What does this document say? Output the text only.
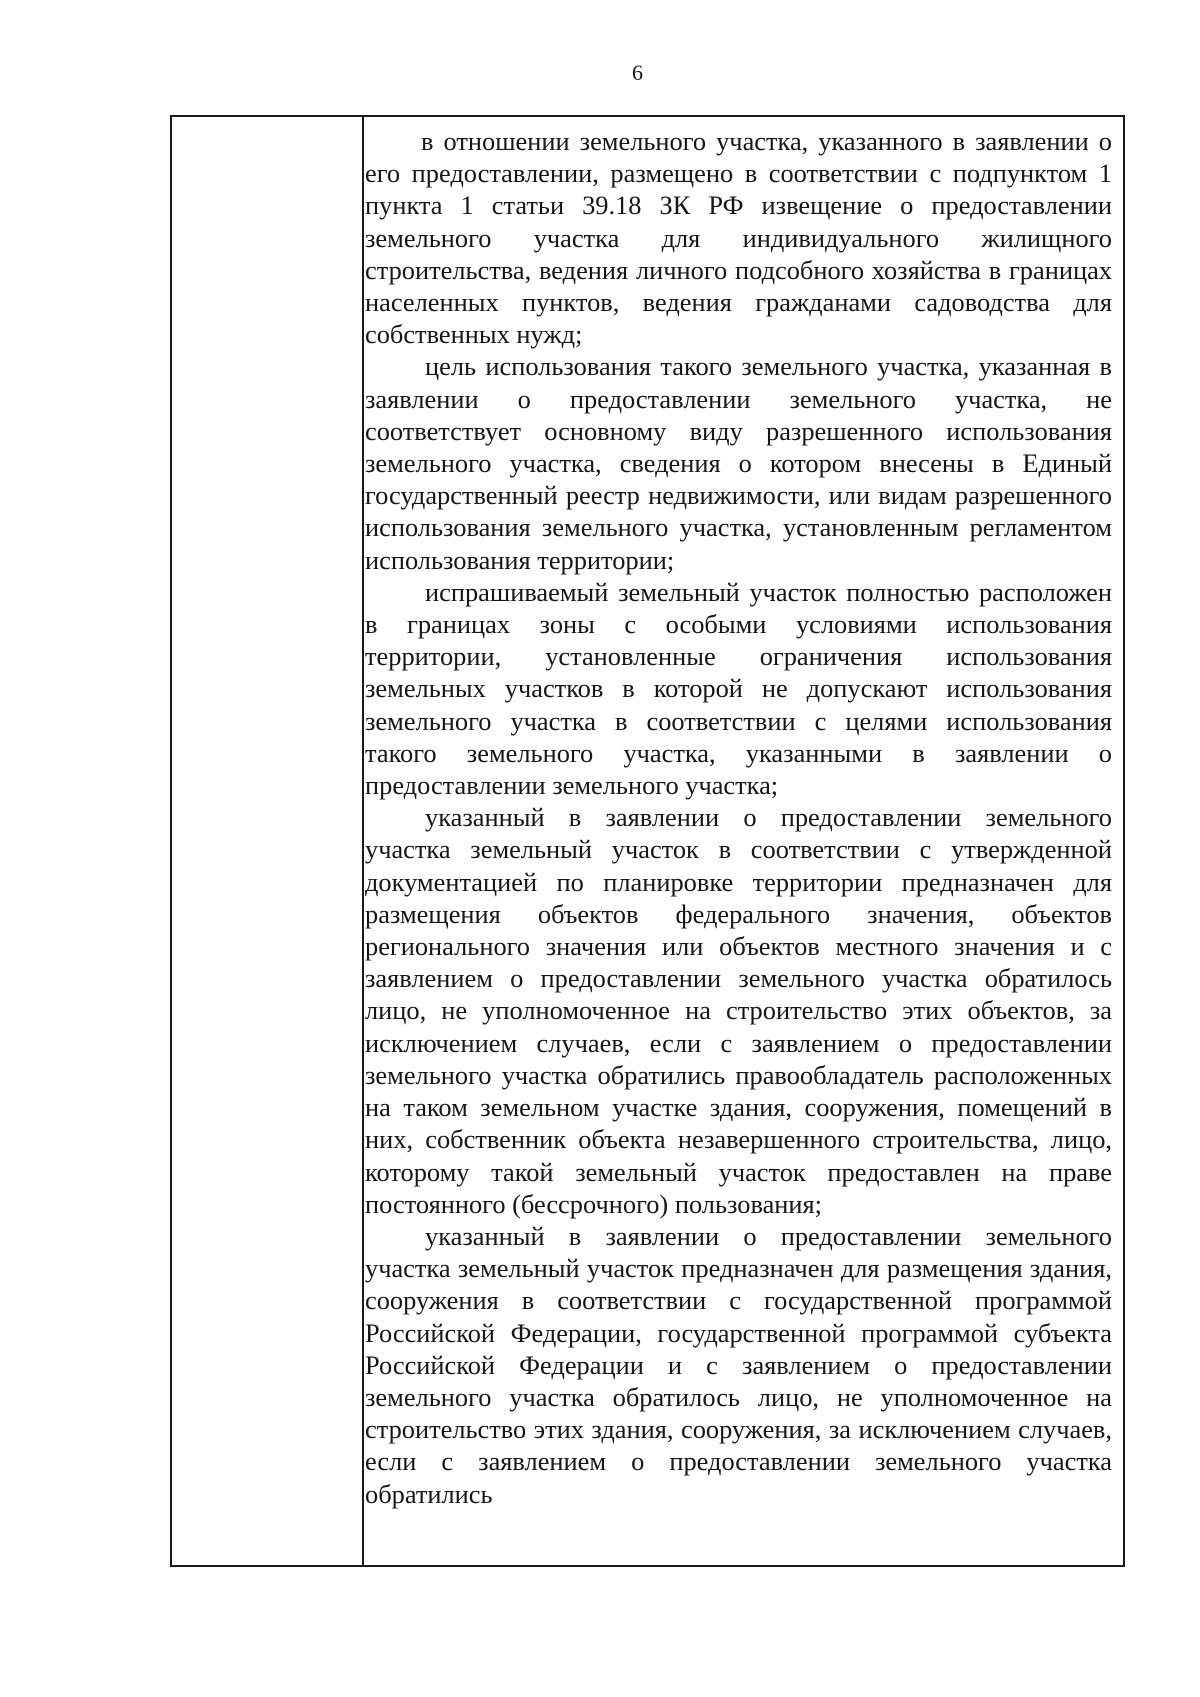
6

в отношении земельного участка, указанного в заявлении о его предоставлении, размещено в соответствии с подпунктом 1 пункта 1 статьи 39.18 ЗК РФ извещение о предоставлении земельного участка для индивидуального жилищного строительства, ведения личного подсобного хозяйства в границах населенных пунктов, ведения гражданами садоводства для собственных нужд;

цель использования такого земельного участка, указанная в заявлении о предоставлении земельного участка, не соответствует основному виду разрешенного использования земельного участка, сведения о котором внесены в Единый государственный реестр недвижимости, или видам разрешенного использования земельного участка, установленным регламентом использования территории;

испрашиваемый земельный участок полностью расположен в границах зоны с особыми условиями использования территории, установленные ограничения использования земельных участков в которой не допускают использования земельного участка в соответствии с целями использования такого земельного участка, указанными в заявлении о предоставлении земельного участка;

указанный в заявлении о предоставлении земельного участка земельный участок в соответствии с утвержденной документацией по планировке территории предназначен для размещения объектов федерального значения, объектов регионального значения или объектов местного значения и с заявлением о предоставлении земельного участка обратилось лицо, не уполномоченное на строительство этих объектов, за исключением случаев, если с заявлением о предоставлении земельного участка обратились правообладатель расположенных на таком земельном участке здания, сооружения, помещений в них, собственник объекта незавершенного строительства, лицо, которому такой земельный участок предоставлен на праве постоянного (бессрочного) пользования;

указанный в заявлении о предоставлении земельного участка земельный участок предназначен для размещения здания, сооружения в соответствии с государственной программой Российской Федерации, государственной программой субъекта Российской Федерации и с заявлением о предоставлении земельного участка обратилось лицо, не уполномоченное на строительство этих здания, сооружения, за исключением случаев, если с заявлением о предоставлении земельного участка обратились
